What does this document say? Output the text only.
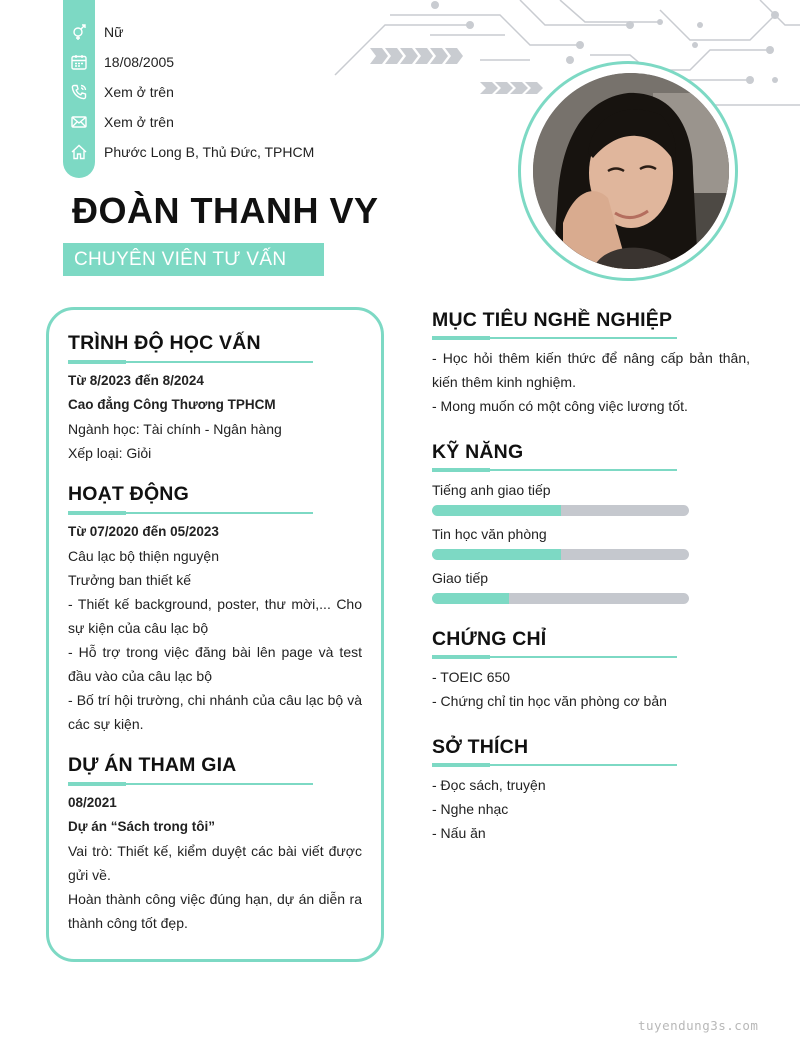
Nữ
18/08/2005
Xem ở trên
Xem ở trên
Phước Long B, Thủ Đức, TPHCM
ĐOÀN THANH VY
CHUYÊN VIÊN TƯ VẤN
TRÌNH ĐỘ HỌC VẤN
Từ 8/2023 đến 8/2024
Cao đẳng Công Thương TPHCM
Ngành học: Tài chính - Ngân hàng
Xếp loại: Giỏi
HOẠT ĐỘNG
Từ 07/2020 đến 05/2023
Câu lạc bộ thiện nguyện
Trưởng ban thiết kế
- Thiết kế background, poster, thư mời,... Cho sự kiện của câu lạc bộ
- Hỗ trợ trong việc đăng bài lên page và test đầu vào của câu lạc bộ
- Bố trí hội trường, chi nhánh của câu lạc bộ và các sự kiện.
DỰ ÁN THAM GIA
08/2021
Dự án “Sách trong tôi”
Vai trò: Thiết kế, kiểm duyệt các bài viết được gửi về.
Hoàn thành công việc đúng hạn, dự án diễn ra thành công tốt đẹp.
MỤC TIÊU NGHỀ NGHIỆP
- Học hỏi thêm kiến thức để nâng cấp bản thân, kiến thêm kinh nghiệm.
- Mong muốn có một công việc lương tốt.
KỸ NĂNG
Tiếng anh giao tiếp
Tin học văn phòng
Giao tiếp
CHỨNG CHỈ
- TOEIC 650
- Chứng chỉ tin học văn phòng cơ bản
SỞ THÍCH
- Đọc sách, truyện
- Nghe nhạc
- Nấu ăn
tuyendung3s.com
